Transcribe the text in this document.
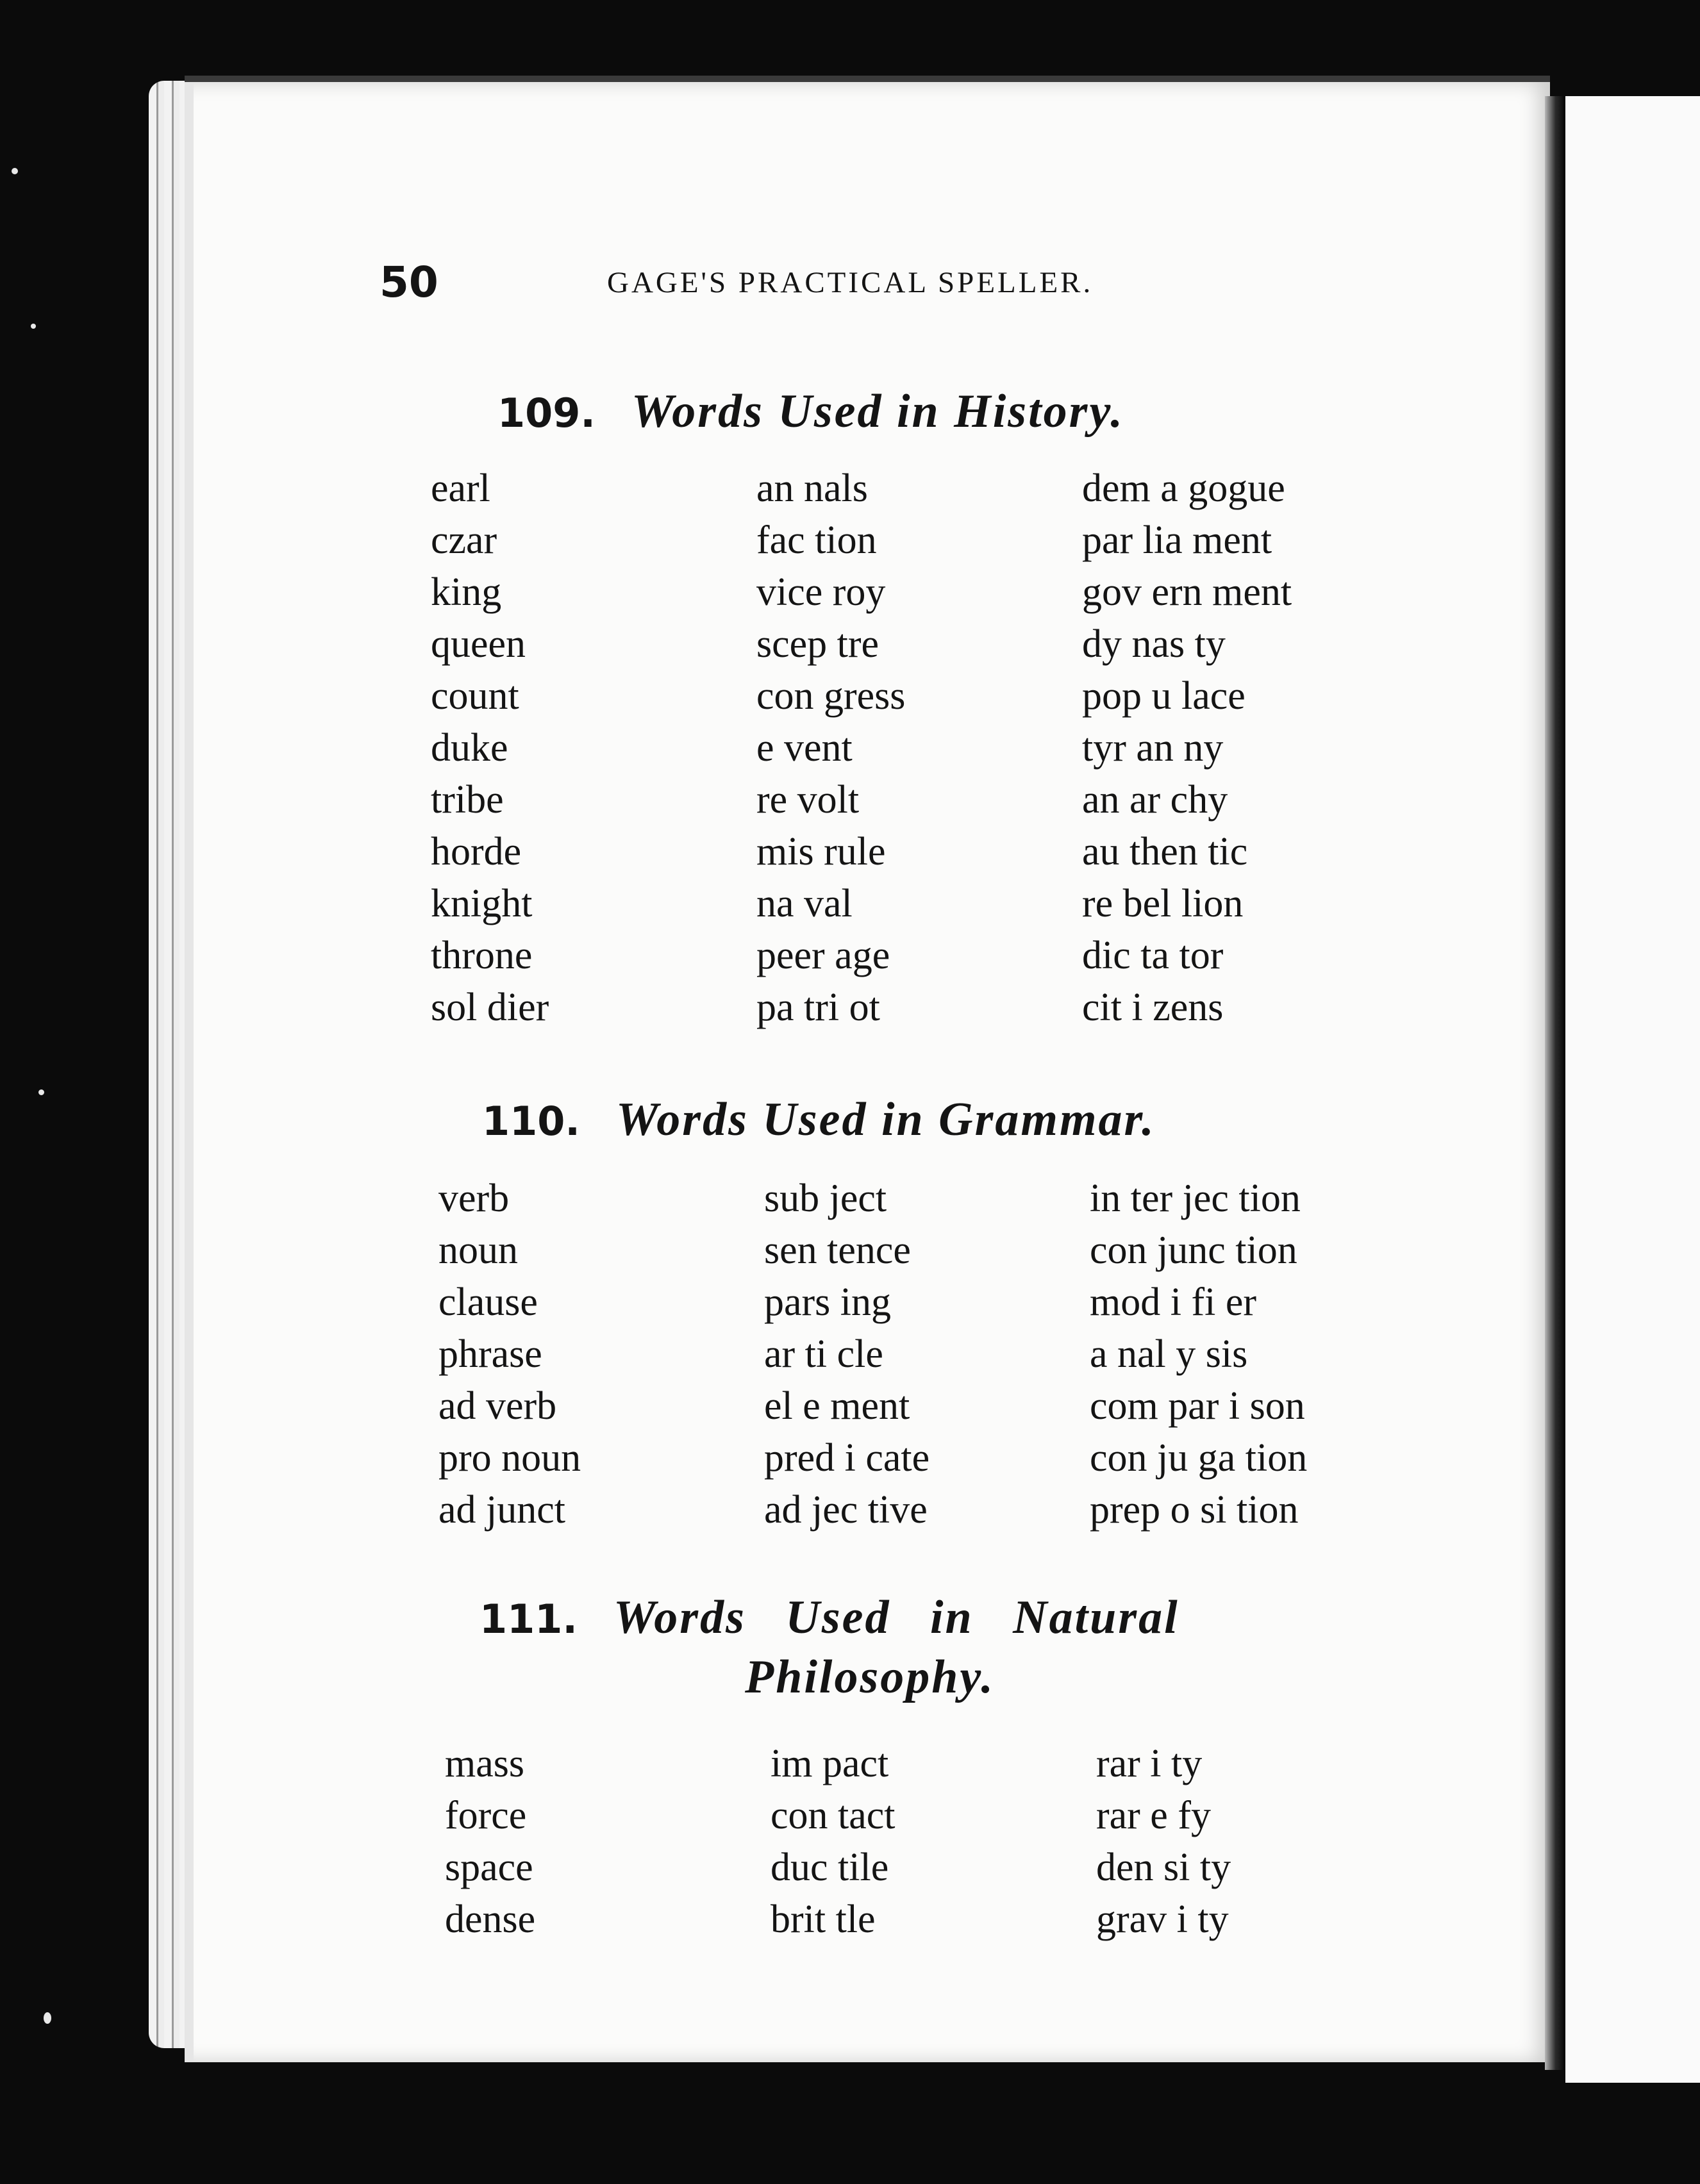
50	GAGE'S PRACTICAL SPELLER.
109. Words Used in History.
earl
czar
king
queen
count
duke
tribe
horde
knight
throne
sol dier
an nals
fac tion
vice roy
scep tre
con gress
e vent
re volt
mis rule
na val
peer age
pa tri ot
dem a gogue
par lia ment
gov ern ment
dy nas ty
pop u lace
tyr an ny
an ar chy
au then tic
re bel lion
dic ta tor
cit i zens
110. Words Used in Grammar.
verb
noun
clause
phrase
ad verb
pro noun
ad junct
sub ject
sen tence
pars ing
ar ti cle
el e ment
pred i cate
ad jec tive
in ter jec tion
con junc tion
mod i fi er
a nal y sis
com par i son
con ju ga tion
prep o si tion
111. Words Used in Natural
Philosophy.
mass
force
space
dense
im pact
con tact
duc tile
brit tle
rar i ty
rar e fy
den si ty
grav i ty
